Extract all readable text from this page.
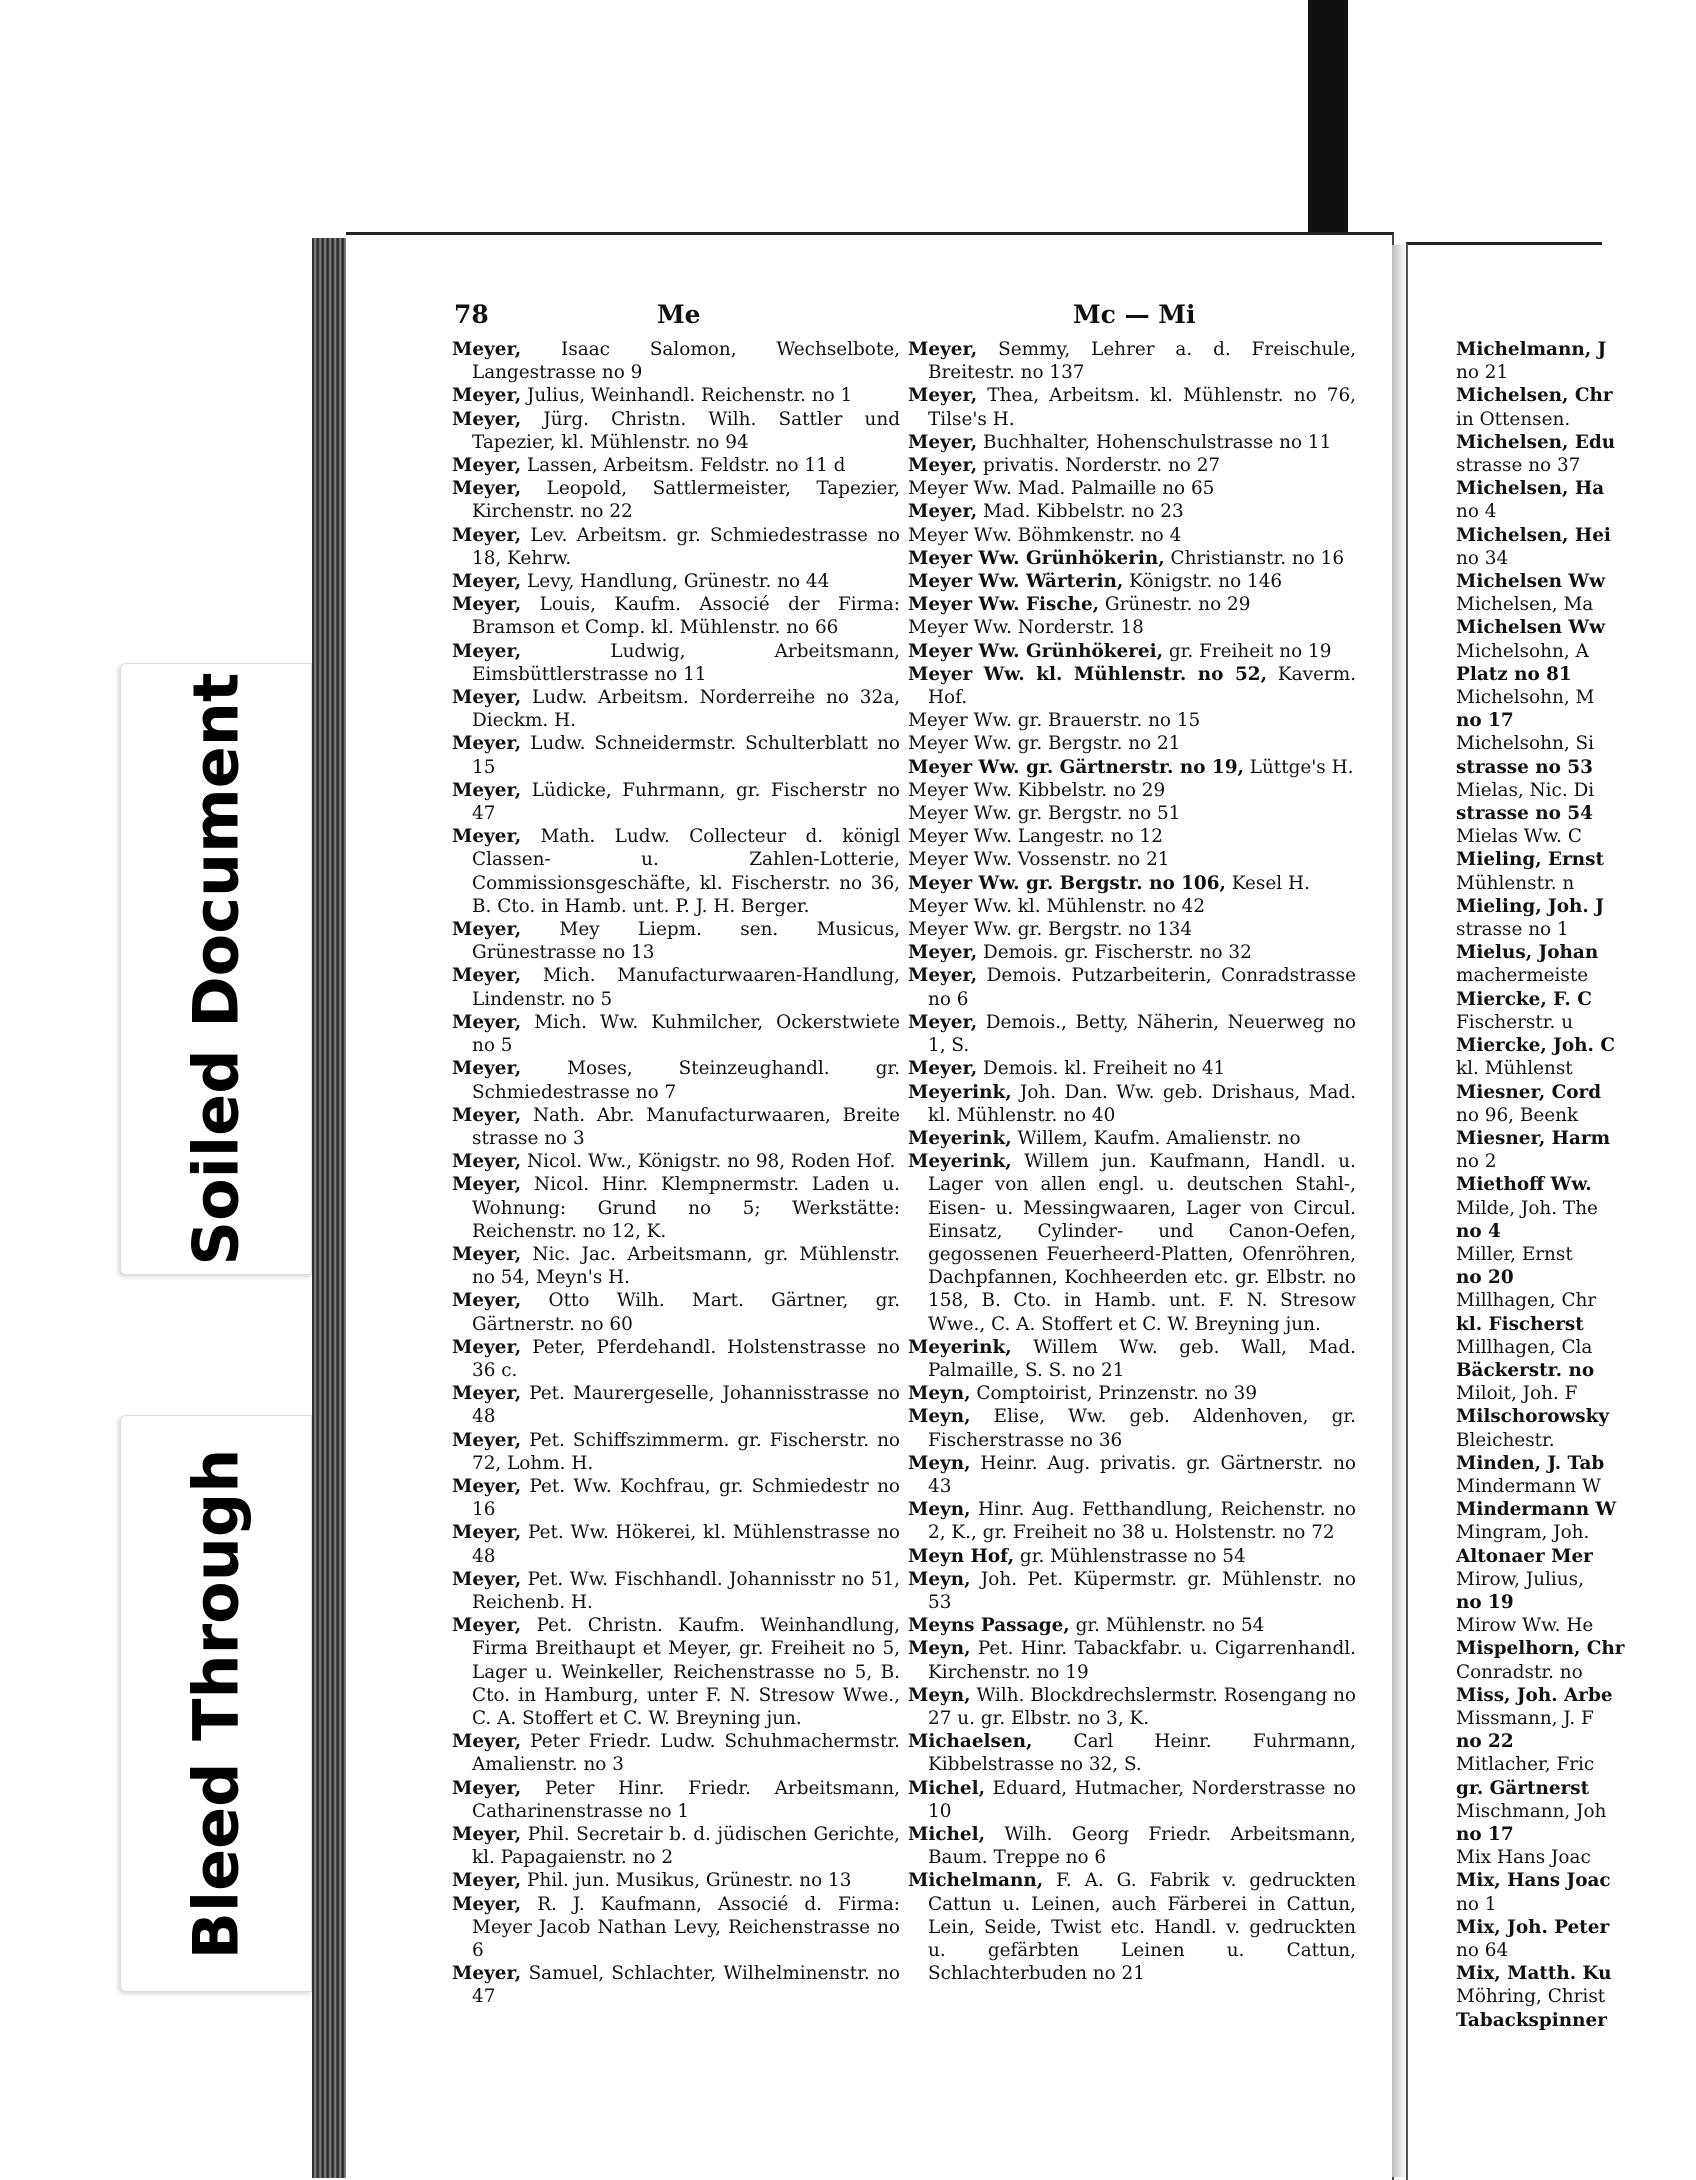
Soiled Document
Bleed Through
78	Me	Mc — Mi

Meyer, Isaac Salomon, Wechselbote, Langestrasse no 9

Meyer, Julius, Weinhandl. Reichenstr. no 1

Meyer, Jürg. Christn. Wilh. Sattler und Tapezier, kl. Mühlenstr. no 94

Meyer, Lassen, Arbeitsm. Feldstr. no 11 d

Meyer, Leopold, Sattlermeister, Tapezier, Kirchenstr. no 22

Meyer, Lev. Arbeitsm. gr. Schmiedestrasse no 18, Kehrw.

Meyer, Levy, Handlung, Grünestr. no 44

Meyer, Louis, Kaufm. Associé der Firma: Bramson et Comp. kl. Mühlenstr. no 66

Meyer, Ludwig, Arbeitsmann, Eimsbüttlerstrasse no 11

Meyer, Ludw. Arbeitsm. Norderreihe no 32a, Dieckm. H.

Meyer, Ludw. Schneidermstr. Schulterblatt no 15

Meyer, Lüdicke, Fuhrmann, gr. Fischerstr no 47

Meyer, Math. Ludw. Collecteur d. königl Classen- u. Zahlen-Lotterie, Commissionsgeschäfte, kl. Fischerstr. no 36, B. Cto. in Hamb. unt. P. J. H. Berger.

Meyer, Mey Liepm. sen. Musicus, Grünestrasse no 13

Meyer, Mich. Manufacturwaaren-Handlung, Lindenstr. no 5

Meyer, Mich. Ww. Kuhmilcher, Ockerstwiete no 5

Meyer, Moses, Steinzeughandl. gr. Schmiedestrasse no 7

Meyer, Nath. Abr. Manufacturwaaren, Breite strasse no 3

Meyer, Nicol. Ww., Königstr. no 98, Roden Hof.

Meyer, Nicol. Hinr. Klempnermstr. Laden u. Wohnung: Grund no 5; Werkstätte: Reichenstr. no 12, K.

Meyer, Nic. Jac. Arbeitsmann, gr. Mühlenstr. no 54, Meyn's H.

Meyer, Otto Wilh. Mart. Gärtner, gr. Gärtnerstr. no 60

Meyer, Peter, Pferdehandl. Holstenstrasse no 36 c.

Meyer, Pet. Maurergeselle, Johannisstrasse no 48

Meyer, Pet. Schiffszimmerm. gr. Fischerstr. no 72, Lohm. H.

Meyer, Pet. Ww. Kochfrau, gr. Schmiedestr no 16

Meyer, Pet. Ww. Hökerei, kl. Mühlenstrasse no 48

Meyer, Pet. Ww. Fischhandl. Johannisstr no 51, Reichenb. H.

Meyer, Pet. Christn. Kaufm. Weinhandlung, Firma Breithaupt et Meyer, gr. Freiheit no 5, Lager u. Weinkeller, Reichenstrasse no 5, B. Cto. in Hamburg, unter F. N. Stresow Wwe., C. A. Stoffert et C. W. Breyning jun.

Meyer, Peter Friedr. Ludw. Schuhmachermstr. Amalienstr. no 3

Meyer, Peter Hinr. Friedr. Arbeitsmann, Catharinenstrasse no 1

Meyer, Phil. Secretair b. d. jüdischen Gerichte, kl. Papagaienstr. no 2

Meyer, Phil. jun. Musikus, Grünestr. no 13

Meyer, R. J. Kaufmann, Associé d. Firma: Meyer Jacob Nathan Levy, Reichenstrasse no 6

Meyer, Samuel, Schlachter, Wilhelminenstr. no 47

Meyer, Semmy, Lehrer a. d. Freischule, Breitestr. no 137

Meyer, Thea, Arbeitsm. kl. Mühlenstr. no 76, Tilse's H.

Meyer, Buchhalter, Hohenschulstrasse no 11

Meyer, privatis. Norderstr. no 27

Meyer Ww. Mad. Palmaille no 65

Meyer, Mad. Kibbelstr. no 23

Meyer Ww. Böhmkenstr. no 4

Meyer Ww. Grünhökerin, Christianstr. no 16

Meyer Ww. Wärterin, Königstr. no 146

Meyer Ww. Fische, Grünestr. no 29

Meyer Ww. Norderstr. 18

Meyer Ww. Grünhökerei, gr. Freiheit no 19

Meyer Ww. kl. Mühlenstr. no 52, Kaverm. Hof.

Meyer Ww. gr. Brauerstr. no 15

Meyer Ww. gr. Bergstr. no 21

Meyer Ww. gr. Gärtnerstr. no 19, Lüttge's H.

Meyer Ww. Kibbelstr. no 29

Meyer Ww. gr. Bergstr. no 51

Meyer Ww. Langestr. no 12

Meyer Ww. Vossenstr. no 21

Meyer Ww. gr. Bergstr. no 106, Kesel H.

Meyer Ww. kl. Mühlenstr. no 42

Meyer Ww. gr. Bergstr. no 134

Meyer, Demois. gr. Fischerstr. no 32

Meyer, Demois. Putzarbeiterin, Conradstrasse no 6

Meyer, Demois., Betty, Näherin, Neuerweg no 1, S.

Meyer, Demois. kl. Freiheit no 41

Meyerink, Joh. Dan. Ww. geb. Drishaus, Mad. kl. Mühlenstr. no 40

Meyerink, Willem, Kaufm. Amalienstr. no

Meyerink, Willem jun. Kaufmann, Handl. u. Lager von allen engl. u. deutschen Stahl-, Eisen- u. Messingwaaren, Lager von Circul. Einsatz, Cylinder- und Canon-Oefen, gegossenen Feuerheerd-Platten, Ofenröhren, Dachpfannen, Kochheerden etc. gr. Elbstr. no 158, B. Cto. in Hamb. unt. F. N. Stresow Wwe., C. A. Stoffert et C. W. Breyning jun.

Meyerink, Willem Ww. geb. Wall, Mad. Palmaille, S. S. no 21

Meyn, Comptoirist, Prinzenstr. no 39

Meyn, Elise, Ww. geb. Aldenhoven, gr. Fischerstrasse no 36

Meyn, Heinr. Aug. privatis. gr. Gärtnerstr. no 43

Meyn, Hinr. Aug. Fetthandlung, Reichenstr. no 2, K., gr. Freiheit no 38 u. Holstenstr. no 72

Meyn Hof, gr. Mühlenstrasse no 54

Meyn, Joh. Pet. Küpermstr. gr. Mühlenstr. no 53

Meyns Passage, gr. Mühlenstr. no 54

Meyn, Pet. Hinr. Tabackfabr. u. Cigarrenhandl. Kirchenstr. no 19

Meyn, Wilh. Blockdrechslermstr. Rosengang no 27 u. gr. Elbstr. no 3, K.

Michaelsen, Carl Heinr. Fuhrmann, Kibbelstrasse no 32, S.

Michel, Eduard, Hutmacher, Norderstrasse no 10

Michel, Wilh. Georg Friedr. Arbeitsmann, Baum. Treppe no 6

Michelmann, F. A. G. Fabrik v. gedruckten Cattun u. Leinen, auch Färberei in Cattun, Lein, Seide, Twist etc. Handl. v. gedruckten u. gefärbten Leinen u. Cattun, Schlachterbuden no 21

Michelmann, J
no 21
Michelsen, Chr
in Ottensen.
Michelsen, Edu
strasse no 37
Michelsen, Ha
no 4
Michelsen, Hei
no 34
Michelsen Ww
Michelsen, Ma
Michelsen Ww
Michelsohn, A
Platz no 81
Michelsohn, M
no 17
Michelsohn, Si
strasse no 53
Mielas, Nic. Di
strasse no 54
Mielas Ww. C
Mieling, Ernst
Mühlenstr. n
Mieling, Joh. J
strasse no 1
Mielus, Johan
machermeiste
Miercke, F. C
Fischerstr. u
Miercke, Joh. C
kl. Mühlenst
Miesner, Cord
no 96, Beenk
Miesner, Harm
no 2
Miethoff Ww.
Milde, Joh. The
no 4
Miller, Ernst
no 20
Millhagen, Chr
kl. Fischerst
Millhagen, Cla
Bäckerstr. no
Miloit, Joh. F
Milschorowsky
Bleichestr.
Minden, J. Tab
Mindermann W
Mindermann W
Mingram, Joh.
Altonaer Mer
Mirow, Julius,
no 19
Mirow Ww. He
Mispelhorn, Chr
Conradstr. no
Miss, Joh. Arbe
Missmann, J. F
no 22
Mitlacher, Fric
gr. Gärtnerst
Mischmann, Joh
no 17
Mix Hans Joac
Mix, Hans Joac
no 1
Mix, Joh. Peter
no 64
Mix, Matth. Ku
Möhring, Christ
Tabackspinner
